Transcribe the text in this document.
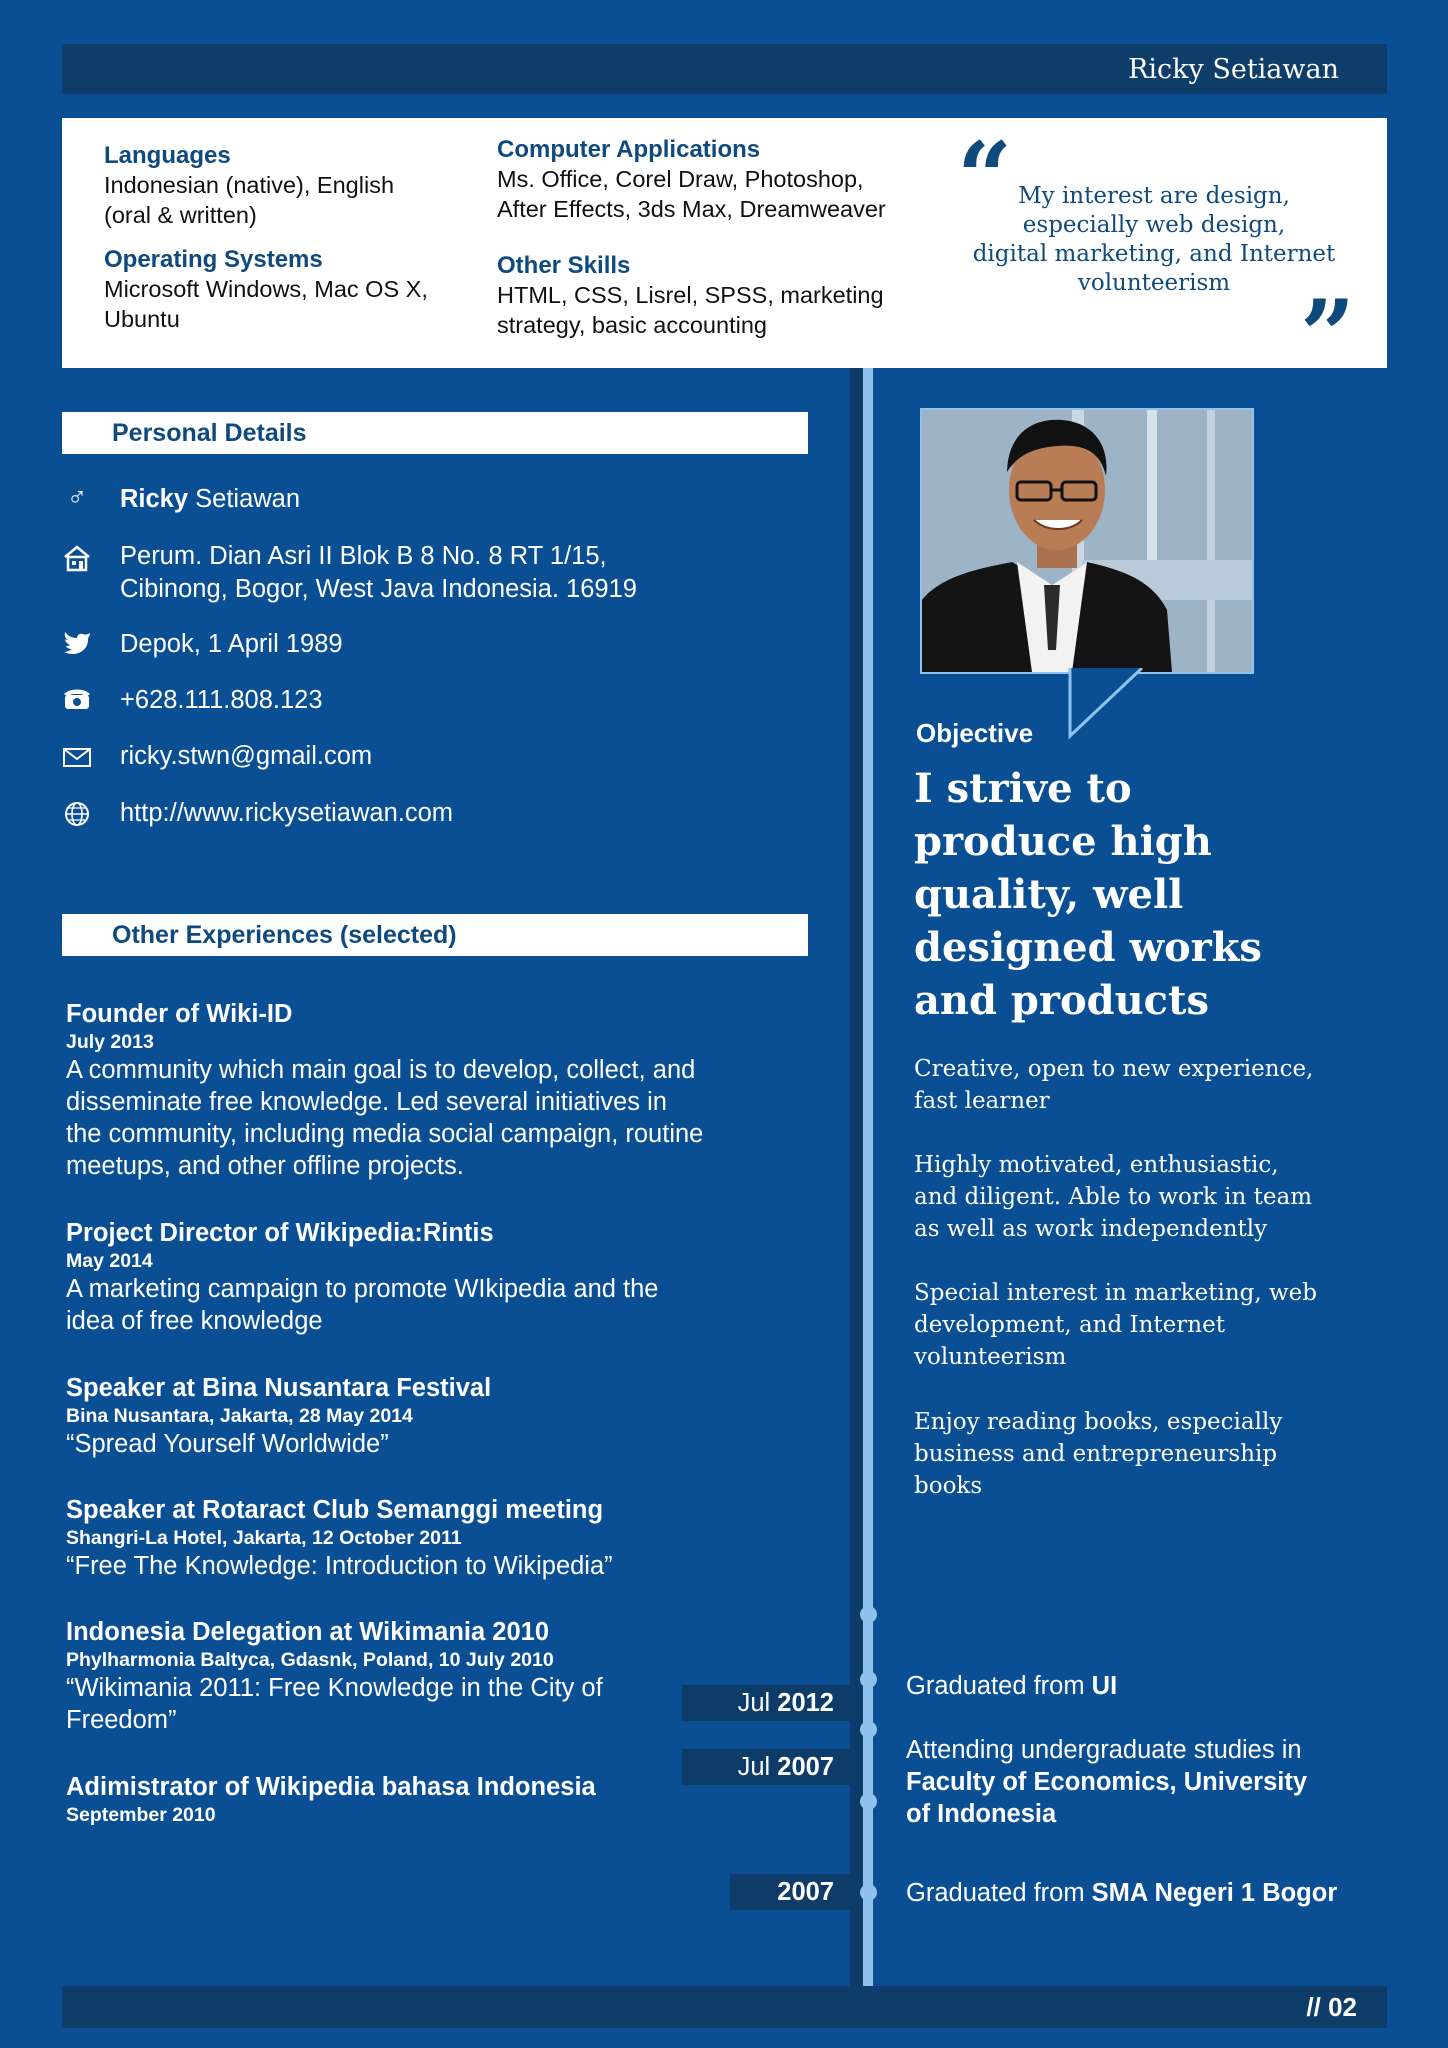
Ricky Setiawan
Languages
Indonesian (native), English
(oral & written)
Operating Systems
Microsoft Windows, Mac OS X,
Ubuntu
Computer Applications
Ms. Office, Corel Draw, Photoshop,
After Effects, 3ds Max, Dreamweaver
Other Skills
HTML, CSS, Lisrel, SPSS, marketing
strategy, basic accounting
“ My interest are design,
especially web design,
digital marketing, and Internet
volunteerism ”
Personal Details
♂ Ricky Setiawan
Perum. Dian Asri II Blok B 8 No. 8 RT 1/15,
Cibinong, Bogor, West Java Indonesia. 16919
Depok, 1 April 1989
+628.111.808.123
ricky.stwn@gmail.com
http://www.rickysetiawan.com
Other Experiences (selected)
Founder of Wiki-ID
July 2013
A community which main goal is to develop, collect, and
disseminate free knowledge. Led several initiatives in
the community, including media social campaign, routine
meetups, and other offline projects.
Project Director of Wikipedia:Rintis
May 2014
A marketing campaign to promote WIkipedia and the
idea of free knowledge
Speaker at Bina Nusantara Festival
Bina Nusantara, Jakarta, 28 May 2014
“Spread Yourself Worldwide”
Speaker at Rotaract Club Semanggi meeting
Shangri-La Hotel, Jakarta, 12 October 2011
“Free The Knowledge: Introduction to Wikipedia”
Indonesia Delegation at Wikimania 2010
Phylharmonia Baltyca, Gdasnk, Poland, 10 July 2010
“Wikimania 2011: Free Knowledge in the City of
Freedom”
Adimistrator of Wikipedia bahasa Indonesia
September 2010
Objective
I strive to
produce high
quality, well
designed works
and products
Creative, open to new experience,
fast learner
Highly motivated, enthusiastic,
and diligent. Able to work in team
as well as work independently
Special interest in marketing, web
development, and Internet
volunteerism
Enjoy reading books, especially
business and entrepreneurship
books
Jul 2012
Jul 2007
2007
Graduated from UI
Attending undergraduate studies in
Faculty of Economics, University
of Indonesia
Graduated from SMA Negeri 1 Bogor
// 02
